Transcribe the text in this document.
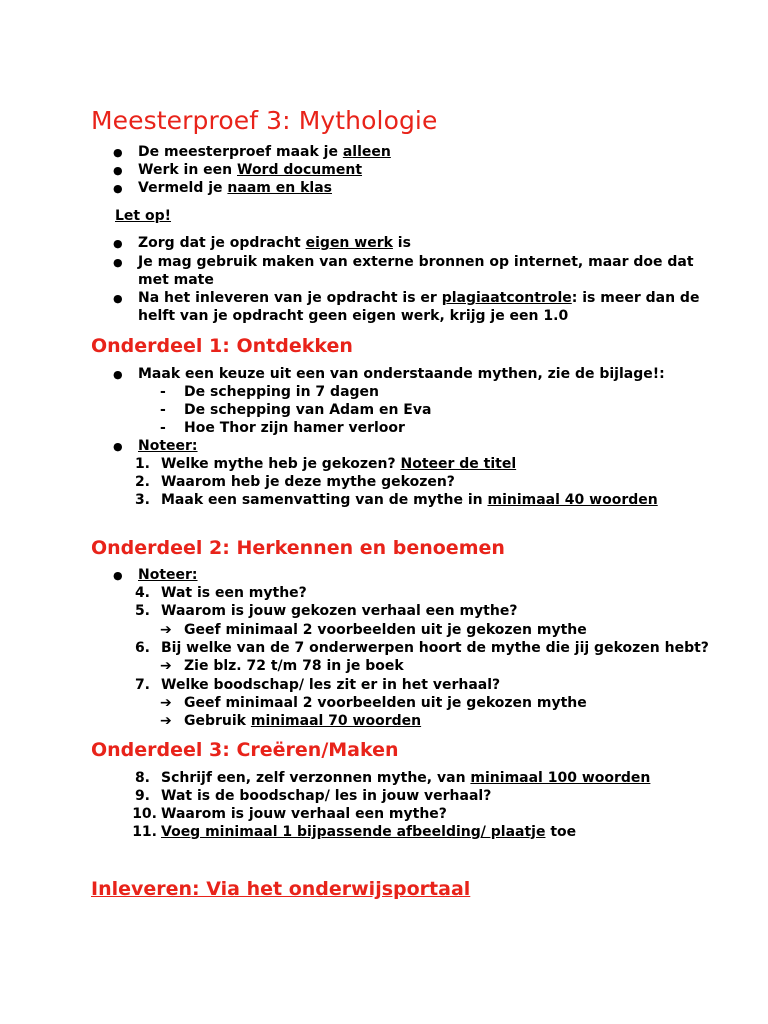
Meesterproef 3: Mythologie
● De meesterproef maak je alleen
● Werk in een Word document
● Vermeld je naam en klas
Let op!
● Zorg dat je opdracht eigen werk is
● Je mag gebruik maken van externe bronnen op internet, maar doe dat
met mate
● Na het inleveren van je opdracht is er plagiaatcontrole: is meer dan de
helft van je opdracht geen eigen werk, krijg je een 1.0
Onderdeel 1: Ontdekken
● Maak een keuze uit een van onderstaande mythen, zie de bijlage!:
- De schepping in 7 dagen
- De schepping van Adam en Eva
- Hoe Thor zijn hamer verloor
● Noteer:
1. Welke mythe heb je gekozen? Noteer de titel
2. Waarom heb je deze mythe gekozen?
3. Maak een samenvatting van de mythe in minimaal 40 woorden
Onderdeel 2: Herkennen en benoemen
● Noteer:
4. Wat is een mythe?
5. Waarom is jouw gekozen verhaal een mythe?
➔ Geef minimaal 2 voorbeelden uit je gekozen mythe
6. Bij welke van de 7 onderwerpen hoort de mythe die jij gekozen hebt?
➔ Zie blz. 72 t/m 78 in je boek
7. Welke boodschap/ les zit er in het verhaal?
➔ Geef minimaal 2 voorbeelden uit je gekozen mythe
➔ Gebruik minimaal 70 woorden
Onderdeel 3: Creëren/Maken
8. Schrijf een, zelf verzonnen mythe, van minimaal 100 woorden
9. Wat is de boodschap/ les in jouw verhaal?
10. Waarom is jouw verhaal een mythe?
11. Voeg minimaal 1 bijpassende afbeelding/ plaatje toe
Inleveren: Via het onderwijsportaal
